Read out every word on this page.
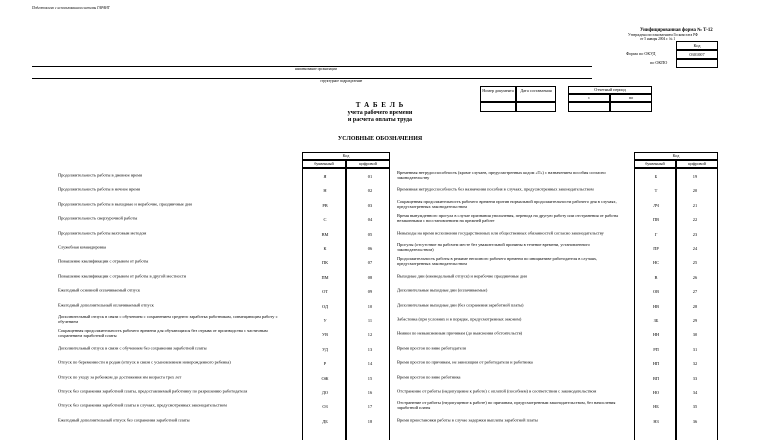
Подготовлено с использованием системы ГАРАНТ
Унифицированная форма № Т-12
Утверждена постановлением Госкомстата РФ
от 5 января 2004 г. № 1
Код
Форма по ОКУД	0301007
по ОКПО
наименование организации
структурное подразделение
Номер документа	Дата составления	Отчетный период
с	по
Т А Б Е Л Ь
учета рабочего времени
и расчета оплаты труда
УСЛОВНЫЕ ОБОЗНАЧЕНИЯ
Код
буквенный	цифровой
Код
буквенный	цифровой
Продолжительность работы в дневное время	Я	01
Продолжительность работы в ночное время	Н	02
Продолжительность работы в выходные и нерабочие, праздничные дни	РВ	03
Продолжительность сверхурочной работы	С	04
Продолжительность работы вахтовым методом	ВМ	05
Служебная командировка	К	06
Повышение квалификации с отрывом от работы	ПК	07
Повышение квалификации с отрывом от работы в другой местности	ПМ	08
Ежегодный основной оплачиваемый отпуск	ОТ	09
Ежегодный дополнительный оплачиваемый отпуск	ОД	10
Дополнительный отпуск в связи с обучением с сохранением среднего заработка работникам, совмещающим работу с обучением	У	11
Сокращенная продолжительность рабочего времени для обучающихся без отрыва от производства с частичным сохранением заработной платы	УВ	12
Дополнительный отпуск в связи с обучением без сохранения заработной платы	УД	13
Отпуск по беременности и родам (отпуск в связи с усыновлением новорожденного ребенка)	Р	14
Отпуск по уходу за ребенком до достижения им возраста трех лет	ОЖ	15
Отпуск без сохранения заработной платы, предоставляемый работнику по разрешению работодателя	ДО	16
Отпуск без сохранения заработной платы в случаях, предусмотренных законодательством	ОЗ	17
Ежегодный дополнительный отпуск без сохранения заработной платы	ДБ	18
Временная нетрудоспособность (кроме случаев, предусмотренных кодом «Т») с назначением пособия согласно законодательству	Б	19
Временная нетрудоспособность без назначения пособия в случаях, предусмотренных законодательством	Т	20
Сокращенная продолжительность рабочего времени против нормальной продолжительности рабочего дня в случаях, предусмотренных законодательством	ЛЧ	21
Время вынужденного прогула в случае признания увольнения, перевода на другую работу или отстранения от работы незаконными с восстановлением на прежней работе	ПВ	22
Невыходы на время исполнения государственных или общественных обязанностей согласно законодательству	Г	23
Прогулы (отсутствие на рабочем месте без уважительной причины в течение времени, установленного законодательством)	ПР	24
Продолжительность работы в режиме неполного рабочего времени по инициативе работодателя в случаях, предусмотренных законодательством	НС	25
Выходные дни (еженедельный отпуск) и нерабочие праздничные дни	В	26
Дополнительные выходные дни (оплачиваемые)	ОВ	27
Дополнительные выходные дни (без сохранения заработной платы)	НВ	28
Забастовка (при условиях и в порядке, предусмотренных законом)	ЗБ	29
Неявки по невыясненным причинам (до выяснения обстоятельств)	НН	30
Время простоя по вине работодателя	РП	31
Время простоя по причинам, не зависящим от работодателя и работника	НП	32
Время простоя по вине работника	ВП	33
Отстранение от работы (недопущение к работе) с оплатой (пособием) в соответствии с законодательством	НО	34
Отстранение от работы (недопущение к работе) по причинам, предусмотренным законодательством, без начисления заработной платы	НБ	35
Время приостановки работы в случае задержки выплаты заработной платы	НЗ	36
